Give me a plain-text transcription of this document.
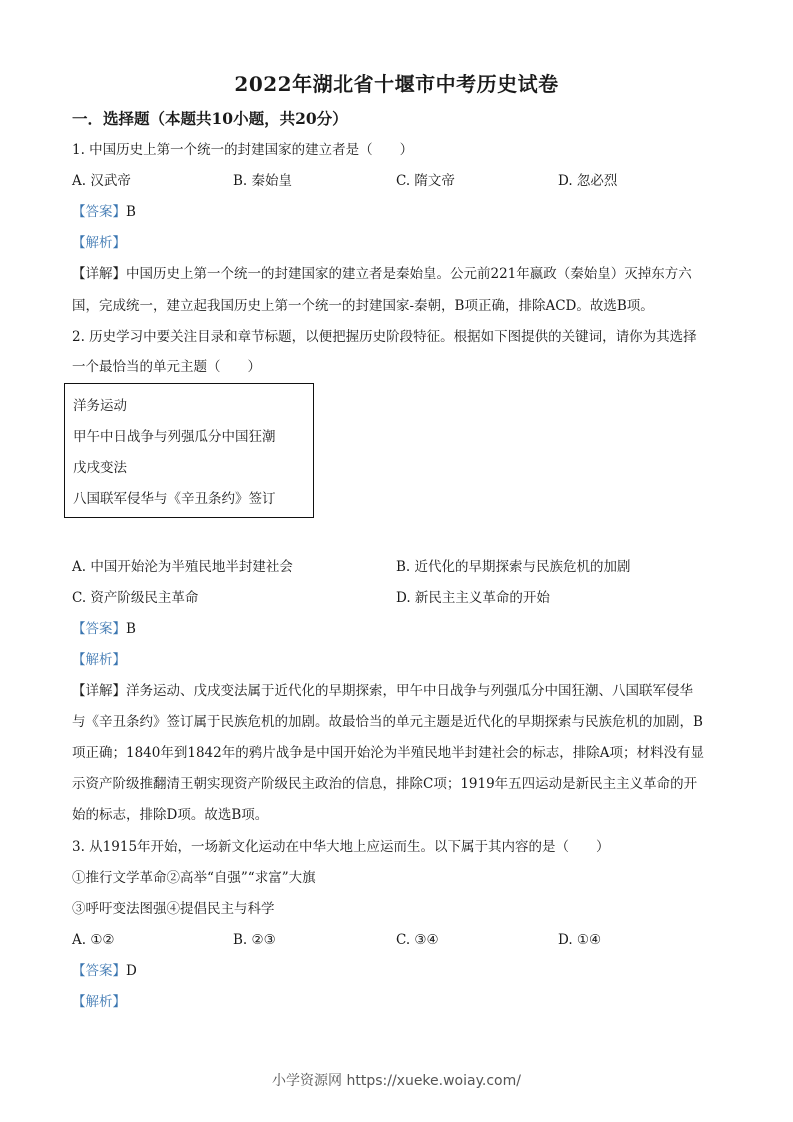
2022年湖北省十堰市中考历史试卷
一．选择题（本题共10小题，共20分）
1. 中国历史上第一个统一的封建国家的建立者是（　　）
A. 汉武帝	B. 秦始皇	C. 隋文帝	D. 忽必烈
【答案】B
【解析】
【详解】中国历史上第一个统一的封建国家的建立者是秦始皇。公元前221年嬴政（秦始皇）灭掉东方六
国，完成统一，建立起我国历史上第一个统一的封建国家-秦朝，B项正确，排除ACD。故选B项。
2. 历史学习中要关注目录和章节标题，以便把握历史阶段特征。根据如下图提供的关键词，请你为其选择
一个最恰当的单元主题（　　）
洋务运动
甲午中日战争与列强瓜分中国狂潮
戊戌变法
八国联军侵华与《辛丑条约》签订
A. 中国开始沦为半殖民地半封建社会	B. 近代化的早期探索与民族危机的加剧
C. 资产阶级民主革命	D. 新民主主义革命的开始
【答案】B
【解析】
【详解】洋务运动、戊戌变法属于近代化的早期探索，甲午中日战争与列强瓜分中国狂潮、八国联军侵华
与《辛丑条约》签订属于民族危机的加剧。故最恰当的单元主题是近代化的早期探索与民族危机的加剧，B
项正确；1840年到1842年的鸦片战争是中国开始沦为半殖民地半封建社会的标志，排除A项；材料没有显
示资产阶级推翻清王朝实现资产阶级民主政治的信息，排除C项；1919年五四运动是新民主主义革命的开
始的标志，排除D项。故选B项。
3. 从1915年开始，一场新文化运动在中华大地上应运而生。以下属于其内容的是（　　）
①推行文学革命②高举“自强”“求富”大旗
③呼吁变法图强④提倡民主与科学
A. ①②	B. ②③	C. ③④	D. ①④
【答案】D
【解析】
小学资源网 https://xueke.woiay.com/
